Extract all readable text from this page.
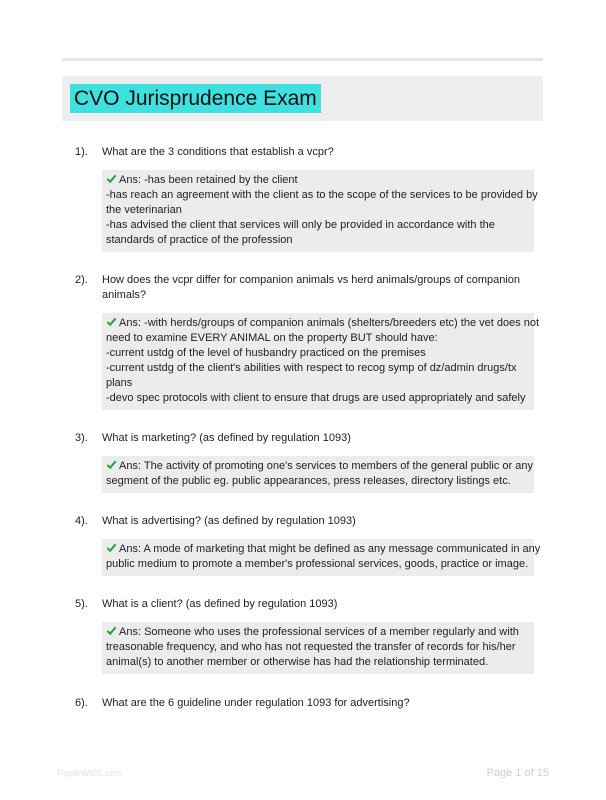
CVO Jurisprudence Exam
1). What are the 3 conditions that establish a vcpr?
Ans: -has been retained by the client
-has reach an agreement with the client as to the scope of the services to be provided by
the veterinarian
-has advised the client that services will only be provided in accordance with the
standards of practice of the profession
2). How does the vcpr differ for companion animals vs herd animals/groups of companion
animals?
Ans: -with herds/groups of companion animals (shelters/breeders etc) the vet does not
need to examine EVERY ANIMAL on the property BUT should have:
-current ustdg of the level of husbandry practiced on the premises
-current ustdg of the client's abilities with respect to recog symp of dz/admin drugs/tx
plans
-devo spec protocols with client to ensure that drugs are used appropriately and safely
3). What is marketing? (as defined by regulation 1093)
Ans: The activity of promoting one's services to members of the general public or any
segment of the public eg. public appearances, press releases, directory listings etc.
4). What is advertising? (as defined by regulation 1093)
Ans: A mode of marketing that might be defined as any message communicated in any
public medium to promote a member's professional services, goods, practice or image.
5). What is a client? (as defined by regulation 1093)
Ans: Someone who uses the professional services of a member regularly and with
treasonable frequency, and who has not requested the transfer of records for his/her
animal(s) to another member or otherwise has had the relationship terminated.
6). What are the 6 guideline under regulation 1093 for advertising?
PaperWalls.com	Page 1 of 15
